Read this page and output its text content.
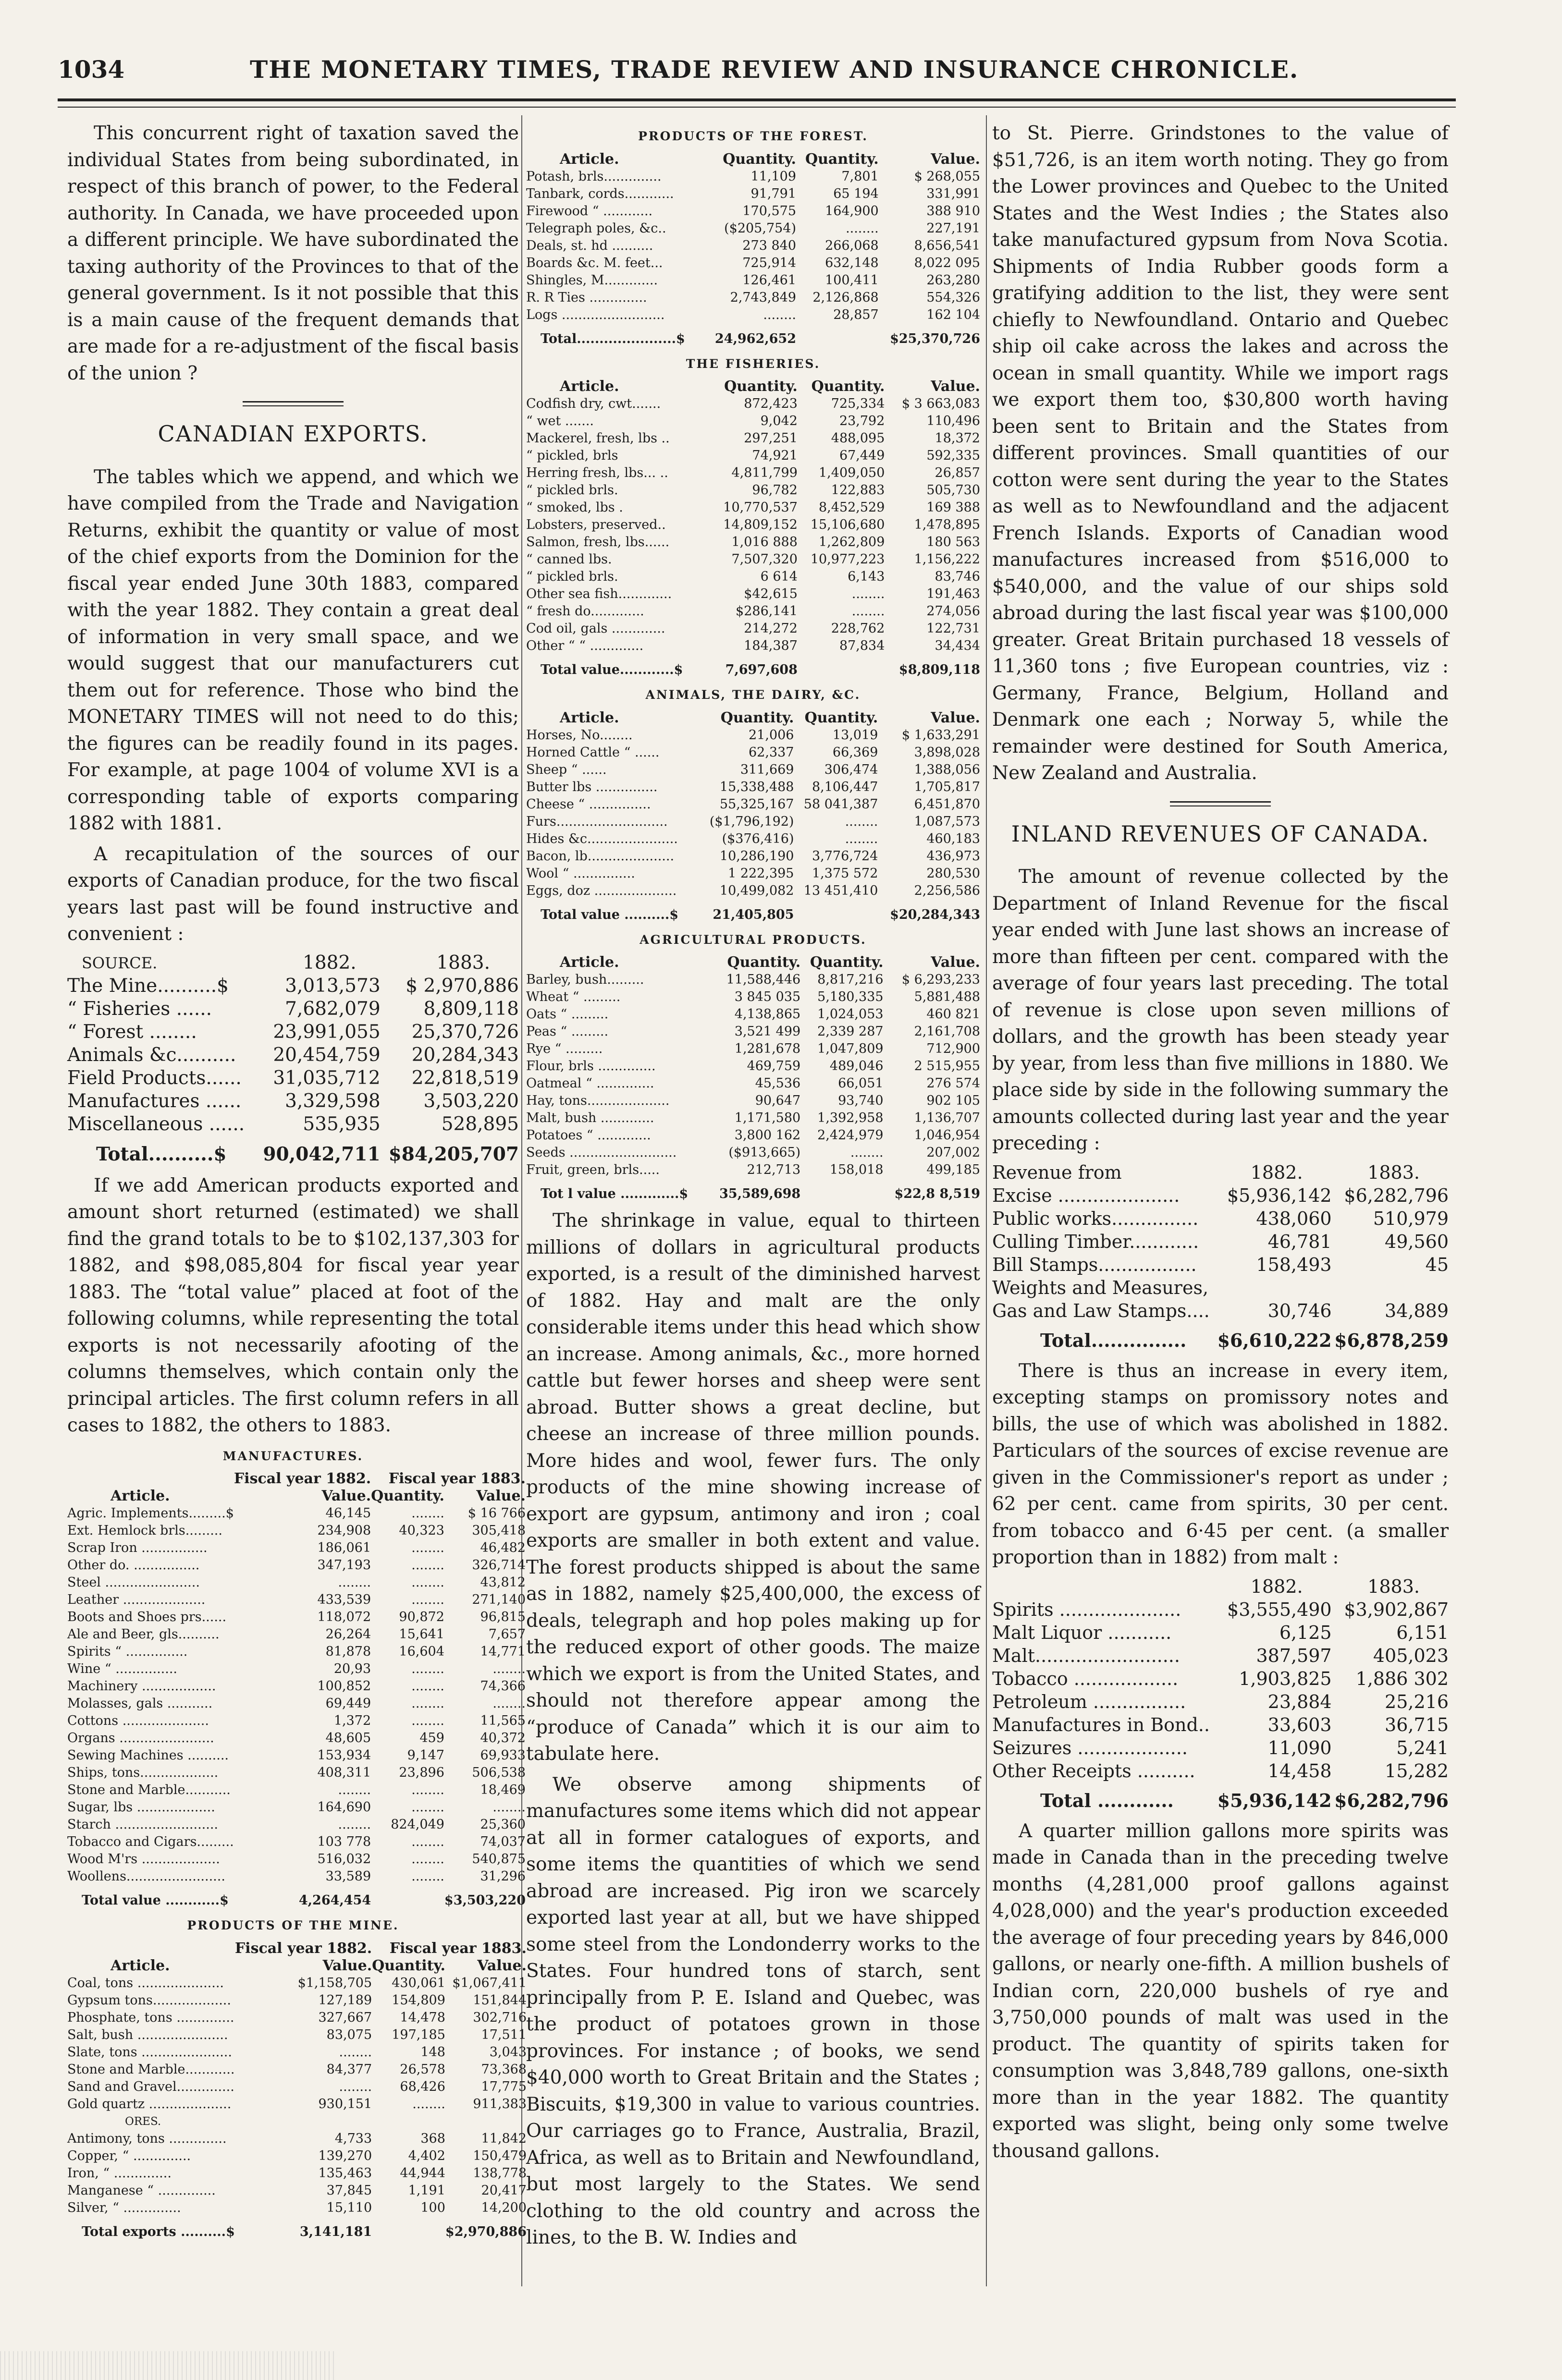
1034	THE MONETARY TIMES, TRADE REVIEW AND INSURANCE CHRONICLE.

This concurrent right of taxation saved the individual States from being subordinated, in respect of this branch of power, to the Federal authority. In Canada, we have proceeded upon a different principle. We have subordinated the taxing authority of the Provinces to that of the general government. Is it not possible that this is a main cause of the frequent demands that are made for a re-adjustment of the fiscal basis of the union ?

CANADIAN EXPORTS.

The tables which we append, and which we have compiled from the Trade and Navigation Returns, exhibit the quantity or value of most of the chief exports from the Dominion for the fiscal year ended June 30th 1883, compared with the year 1882. They contain a great deal of information in very small space, and we would suggest that our manufacturers cut them out for reference. Those who bind the MONETARY TIMES will not need to do this; the figures can be readily found in its pages. For example, at page 1004 of volume XVI is a corresponding table of exports comparing 1882 with 1881.

A recapitulation of the sources of our exports of Canadian produce, for the two fiscal years last past will be found instructive and convenient :

SOURCE.	1882.	1883.
The Mine..........$	3,013,573	$ 2,970,886
“ Fisheries ......	7,682,079	8,809,118
“ Forest ........	23,991,055	25,370,726
Animals &c..........	20,454,759	20,284,343
Field Products......	31,035,712	22,818,519
Manufactures ......	3,329,598	3,503,220
Miscellaneous ......	535,935	528,895
Total..........$	90,042,711	$84,205,707

If we add American products exported and amount short returned (estimated) we shall find the grand totals to be to $102,137,303 for 1882, and $98,085,804 for fiscal year year 1883. The “total value” placed at foot of the following columns, while representing the total exports is not necessarily afooting of the columns themselves, which contain only the principal articles. The first column refers in all cases to 1882, the others to 1883.

MANUFACTURES.
	Fiscal year 1882.	Fiscal year 1883.	
Article.	Value.	Quantity.	Value.
Agric. Implements.........$	46,145	........	$ 16 766
Ext. Hemlock brls.........	234,908	40,323	305,418
Scrap Iron ................	186,061	........	46,482
Other do. ................	347,193	........	326,714
Steel .......................	........	........	43,812
Leather ....................	433,539	........	271,140
Boots and Shoes prs......	118,072	90,872	96,815
Ale and Beer, gls..........	26,264	15,641	7,657
Spirits “ ...............	81,878	16,604	14,771
Wine “ ...............	20,93	........	........
Machinery ..................	100,852	........	74,366
Molasses, gals ...........	69,449	........	........
Cottons .....................	1,372	........	11,565
Organs .......................	48,605	459	40,372
Sewing Machines ..........	153,934	9,147	69,933
Ships, tons...................	408,311	23,896	506,538
Stone and Marble...........	........	........	18,469
Sugar, lbs ...................	164,690	........	........
Starch .........................	........	824,049	25,360
Tobacco and Cigars.........	103 778	........	74,037
Wood M'rs ...................	516,032	........	540,875
Woollens........................	33,589	........	31,296
Total value ............$	4,264,454		$3,503,220
PRODUCTS OF THE MINE.
	Fiscal year 1882.	Fiscal year 1883.	
Article.	Value.	Quantity.	Value.
Coal, tons .....................	$1,158,705	430,061	$1,067,411
Gypsum tons...................	127,189	154,809	151,844
Phosphate, tons ..............	327,667	14,478	302,716
Salt, bush ......................	83,075	197,185	17,511
Slate, tons ......................	........	148	3,043
Stone and Marble............	84,377	26,578	73,368
Sand and Gravel..............	........	68,426	17,775
Gold quartz ....................	930,151	........	911,383
ORES.			
Antimony, tons ..............	4,733	368	11,842
Copper, “ ..............	139,270	4,402	150,479
Iron, “ ..............	135,463	44,944	138,778
Manganese “ ..............	37,845	1,191	20,417
Silver, “ ..............	15,110	100	14,200
Total exports ..........$	3,141,181		$2,970,886
PRODUCTS OF THE FOREST.
Article.	Quantity.	Quantity.	Value.
Potash, brls..............	11,109	7,801	$ 268,055
Tanbark, cords............	91,791	65 194	331,991
Firewood “ ............	170,575	164,900	388 910
Telegraph poles, &c..	($205,754)	........	227,191
Deals, st. hd ..........	273 840	266,068	8,656,541
Boards &c. M. feet...	725,914	632,148	8,022 095
Shingles, M.............	126,461	100,411	263,280
R. R Ties ..............	2,743,849	2,126,868	554,326
Logs .........................	........	28,857	162 104
Total......................$	24,962,652		$25,370,726
THE FISHERIES.
Article.	Quantity.	Quantity.	Value.
Codfish dry, cwt.......	872,423	725,334	$ 3 663,083
“ wet .......	9,042	23,792	110,496
Mackerel, fresh, lbs ..	297,251	488,095	18,372
“ pickled, brls	74,921	67,449	592,335
Herring fresh, lbs... ..	4,811,799	1,409,050	26,857
“ pickled brls.	96,782	122,883	505,730
“ smoked, lbs .	10,770,537	8,452,529	169 388
Lobsters, preserved..	14,809,152	15,106,680	1,478,895
Salmon, fresh, lbs......	1,016 888	1,262,809	180 563
“ canned lbs.	7,507,320	10,977,223	1,156,222
“ pickled brls.	6 614	6,143	83,746
Other sea fish.............	$42,615	........	191,463
“ fresh do.............	$286,141	........	274,056
Cod oil, gals .............	214,272	228,762	122,731
Other “ “ .............	184,387	87,834	34,434
Total value............$	7,697,608		$8,809,118
ANIMALS, THE DAIRY, &C.
Article.	Quantity.	Quantity.	Value.
Horses, No........	21,006	13,019	$ 1,633,291
Horned Cattle “ ......	62,337	66,369	3,898,028
Sheep “ ......	311,669	306,474	1,388,056
Butter lbs ...............	15,338,488	8,106,447	1,705,817
Cheese “ ...............	55,325,167	58 041,387	6,451,870
Furs...........................	($1,796,192)	........	1,087,573
Hides &c......................	($376,416)	........	460,183
Bacon, lb.....................	10,286,190	3,776,724	436,973
Wool “ ...............	1 222,395	1,375 572	280,530
Eggs, doz ....................	10,499,082	13 451,410	2,256,586
Total value ..........$	21,405,805		$20,284,343
AGRICULTURAL PRODUCTS.
Article.	Quantity.	Quantity.	Value.
Barley, bush.........	11,588,446	8,817,216	$ 6,293,233
Wheat “ .........	3 845 035	5,180,335	5,881,488
Oats “ .........	4,138,865	1,024,053	460 821
Peas “ .........	3,521 499	2,339 287	2,161,708
Rye “ .........	1,281,678	1,047,809	712,900
Flour, brls ..............	469,759	489,046	2 515,955
Oatmeal “ ..............	45,536	66,051	276 574
Hay, tons....................	90,647	93,740	902 105
Malt, bush .............	1,171,580	1,392,958	1,136,707
Potatoes “ .............	3,800 162	2,424,979	1,046,954
Seeds ..........................	($913,665)	........	207,002
Fruit, green, brls.....	212,713	158,018	499,185
Tot l value .............$	35,589,698		$22,8 8,519

The shrinkage in value, equal to thirteen millions of dollars in agricultural products exported, is a result of the diminished harvest of 1882. Hay and malt are the only considerable items under this head which show an increase. Among animals, &c., more horned cattle but fewer horses and sheep were sent abroad. Butter shows a great decline, but cheese an increase of three million pounds. More hides and wool, fewer furs. The only products of the mine showing increase of export are gypsum, antimony and iron ; coal exports are smaller in both extent and value. The forest products shipped is about the same as in 1882, namely $25,400,000, the excess of deals, telegraph and hop poles making up for the reduced export of other goods. The maize which we export is from the United States, and should not therefore appear among the “produce of Canada” which it is our aim to tabulate here.

We observe among shipments of manufactures some items which did not appear at all in former catalogues of exports, and some items the quantities of which we send abroad are increased. Pig iron we scarcely exported last year at all, but we have shipped some steel from the Londonderry works to the States. Four hundred tons of starch, sent principally from P. E. Island and Quebec, was the product of potatoes grown in those provinces. For instance ; of books, we send $40,000 worth to Great Britain and the States ; Biscuits, $19,300 in value to various countries. Our carriages go to France, Australia, Brazil, Africa, as well as to Britain and Newfoundland, but most largely to the States. We send clothing to the old country and across the lines, to the B. W. Indies and

to St. Pierre. Grindstones to the value of $51,726, is an item worth noting. They go from the Lower provinces and Quebec to the United States and the West Indies ; the States also take manufactured gypsum from Nova Scotia. Shipments of India Rubber goods form a gratifying addition to the list, they were sent chiefly to Newfoundland. Ontario and Quebec ship oil cake across the lakes and across the ocean in small quantity. While we import rags we export them too, $30,800 worth having been sent to Britain and the States from different provinces. Small quantities of our cotton were sent during the year to the States as well as to Newfoundland and the adjacent French Islands. Exports of Canadian wood manufactures increased from $516,000 to $540,000, and the value of our ships sold abroad during the last fiscal year was $100,000 greater. Great Britain purchased 18 vessels of 11,360 tons ; five European countries, viz : Germany, France, Belgium, Holland and Denmark one each ; Norway 5, while the remainder were destined for South America, New Zealand and Australia.

INLAND REVENUES OF CANADA.

The amount of revenue collected by the Department of Inland Revenue for the fiscal year ended with June last shows an increase of more than fifteen per cent. compared with the average of four years last preceding. The total of revenue is close upon seven millions of dollars, and the growth has been steady year by year, from less than five millions in 1880. We place side by side in the following summary the amounts collected during last year and the year preceding :

Revenue from	1882.	1883.
Excise .....................	$5,936,142	$6,282,796
Public works...............	438,060	510,979
Culling Timber............	46,781	49,560
Bill Stamps.................	158,493	45
Weights and Measures,		
Gas and Law Stamps....	30,746	34,889
Total...............	$6,610,222	$6,878,259

There is thus an increase in every item, excepting stamps on promissory notes and bills, the use of which was abolished in 1882. Particulars of the sources of excise revenue are given in the Commissioner's report as under ; 62 per cent. came from spirits, 30 per cent. from tobacco and 6·45 per cent. (a smaller proportion than in 1882) from malt :

	1882.	1883.
Spirits .....................	$3,555,490	$3,902,867
Malt Liquor ...........	6,125	6,151
Malt.........................	387,597	405,023
Tobacco ..................	1,903,825	1,886 302
Petroleum ................	23,884	25,216
Manufactures in Bond..	33,603	36,715
Seizures ...................	11,090	5,241
Other Receipts ..........	14,458	15,282
Total ............	$5,936,142	$6,282,796

A quarter million gallons more spirits was made in Canada than in the preceding twelve months (4,281,000 proof gallons against 4,028,000) and the year's production exceeded the average of four preceding years by 846,000 gallons, or nearly one-fifth. A million bushels of Indian corn, 220,000 bushels of rye and 3,750,000 pounds of malt was used in the product. The quantity of spirits taken for consumption was 3,848,789 gallons, one-sixth more than in the year 1882. The quantity exported was slight, being only some twelve thousand gallons.
